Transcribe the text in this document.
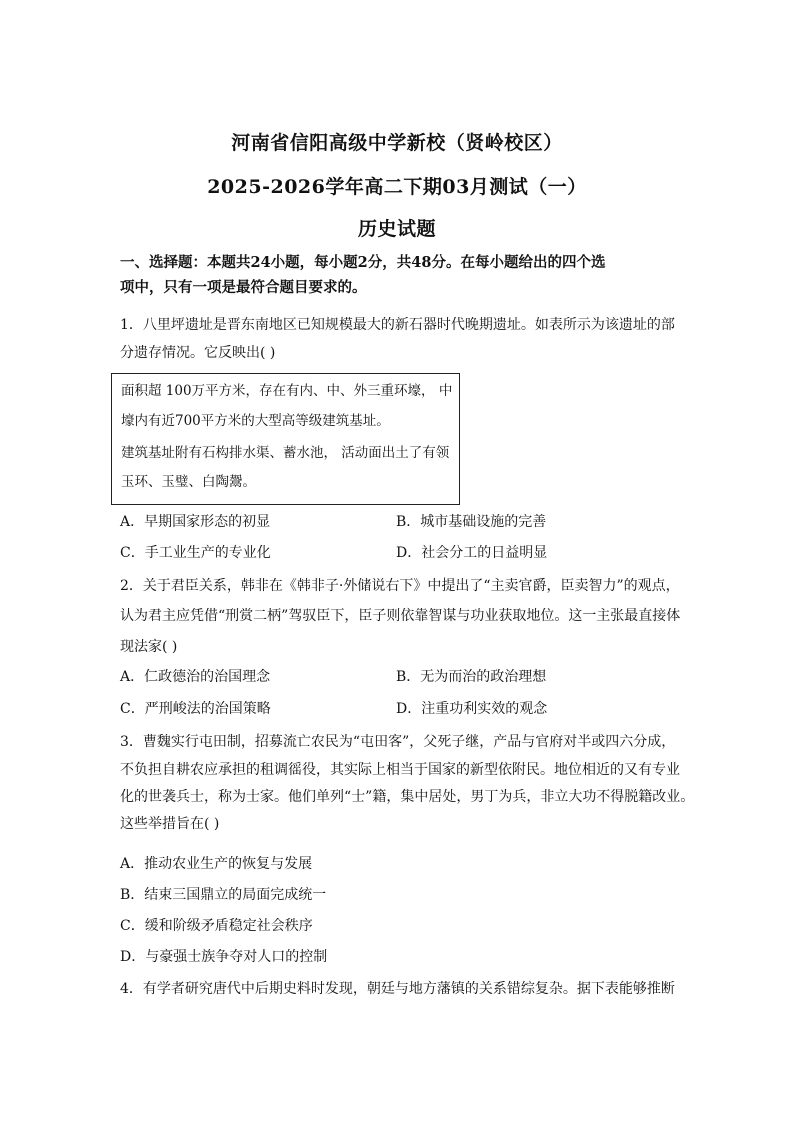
河南省信阳高级中学新校（贤岭校区）
2025-2026学年高二下期03月测试（一）
历史试题
一、选择题：本题共24小题，每小题2分，共48分。在每小题给出的四个选
项中，只有一项是最符合题目要求的。
1．八里坪遗址是晋东南地区已知规模最大的新石器时代晚期遗址。如表所示为该遗址的部
分遗存情况。它反映出( )
面积超 100万平方米，存在有内、中、外三重环壕， 中
壕内有近700平方米的大型高等级建筑基址。
建筑基址附有石构排水渠、蓄水池， 活动面出土了有领
玉环、玉璧、白陶鬶。
A．早期国家形态的初显	B．城市基础设施的完善
C．手工业生产的专业化	D．社会分工的日益明显
2．关于君臣关系，韩非在《韩非子·外储说右下》中提出了“主卖官爵，臣卖智力”的观点，
认为君主应凭借“刑赏二柄”驾驭臣下，臣子则依靠智谋与功业获取地位。这一主张最直接体
现法家( )
A．仁政德治的治国理念	B．无为而治的政治理想
C．严刑峻法的治国策略	D．注重功利实效的观念
3．曹魏实行屯田制，招募流亡农民为“屯田客”，父死子继，产品与官府对半或四六分成，
不负担自耕农应承担的租调徭役，其实际上相当于国家的新型依附民。地位相近的又有专业
化的世袭兵士，称为士家。他们单列“士”籍，集中居处，男丁为兵，非立大功不得脱籍改业。
这些举措旨在( )
A．推动农业生产的恢复与发展
B．结束三国鼎立的局面完成统一
C．缓和阶级矛盾稳定社会秩序
D．与豪强士族争夺对人口的控制
4．有学者研究唐代中后期史料时发现，朝廷与地方藩镇的关系错综复杂。据下表能够推断
